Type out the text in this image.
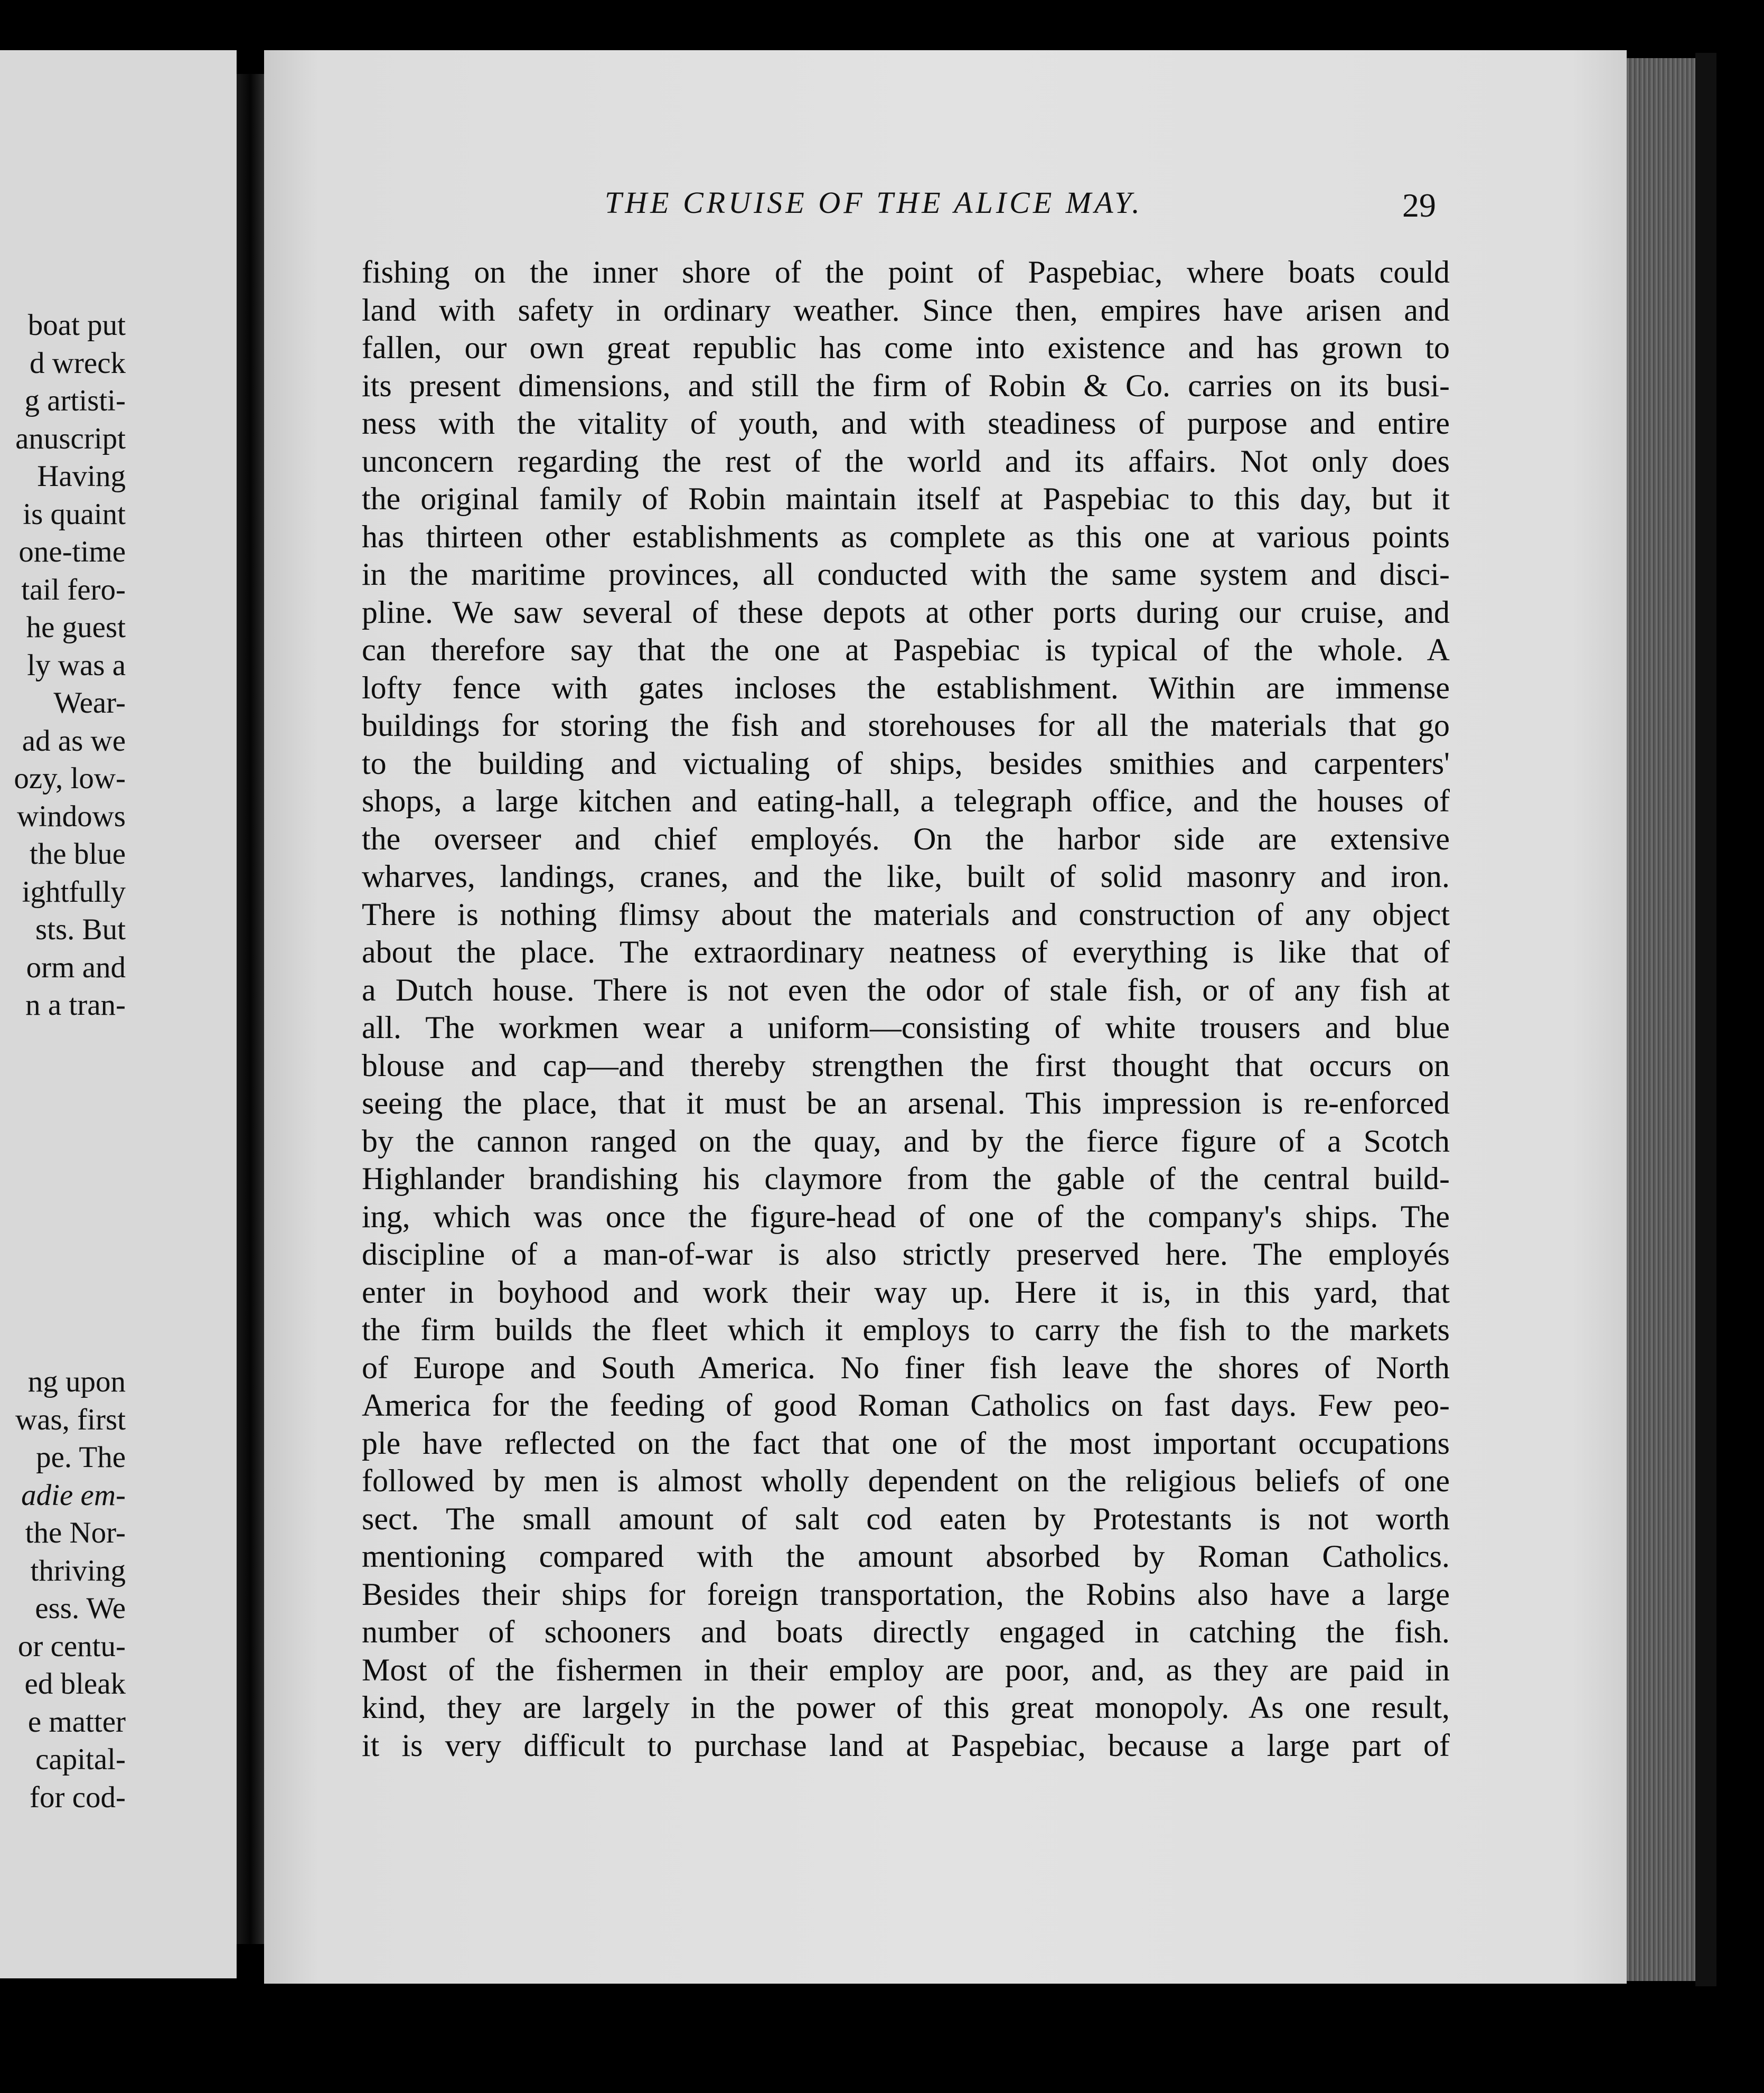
boat put
d wreck
g artisti-
anuscript
Having
is quaint
one-time
tail fero-
he guest
ly was a
Wear-
ad as we
ozy, low-
windows
the blue
ightfully
sts. But
orm and
n a tran-
ng upon
was, first
pe. The
adie em-
the Nor-
thriving
ess. We
or centu-
ed bleak
e matter
capital-
for cod-
THE CRUISE OF THE ALICE MAY.	29
fishing on the inner shore of the point of Paspebiac, where boats could
land with safety in ordinary weather. Since then, empires have arisen and
fallen, our own great republic has come into existence and has grown to
its present dimensions, and still the firm of Robin & Co. carries on its busi-
ness with the vitality of youth, and with steadiness of purpose and entire
unconcern regarding the rest of the world and its affairs. Not only does
the original family of Robin maintain itself at Paspebiac to this day, but it
has thirteen other establishments as complete as this one at various points
in the maritime provinces, all conducted with the same system and disci-
pline. We saw several of these depots at other ports during our cruise, and
can therefore say that the one at Paspebiac is typical of the whole. A
lofty fence with gates incloses the establishment. Within are immense
buildings for storing the fish and storehouses for all the materials that go
to the building and victualing of ships, besides smithies and carpenters'
shops, a large kitchen and eating-hall, a telegraph office, and the houses of
the overseer and chief employés. On the harbor side are extensive
wharves, landings, cranes, and the like, built of solid masonry and iron.
There is nothing flimsy about the materials and construction of any object
about the place. The extraordinary neatness of everything is like that of
a Dutch house. There is not even the odor of stale fish, or of any fish at
all. The workmen wear a uniform—consisting of white trousers and blue
blouse and cap—and thereby strengthen the first thought that occurs on
seeing the place, that it must be an arsenal. This impression is re-enforced
by the cannon ranged on the quay, and by the fierce figure of a Scotch
Highlander brandishing his claymore from the gable of the central build-
ing, which was once the figure-head of one of the company's ships. The
discipline of a man-of-war is also strictly preserved here. The employés
enter in boyhood and work their way up. Here it is, in this yard, that
the firm builds the fleet which it employs to carry the fish to the markets
of Europe and South America. No finer fish leave the shores of North
America for the feeding of good Roman Catholics on fast days. Few peo-
ple have reflected on the fact that one of the most important occupations
followed by men is almost wholly dependent on the religious beliefs of one
sect. The small amount of salt cod eaten by Protestants is not worth
mentioning compared with the amount absorbed by Roman Catholics.
Besides their ships for foreign transportation, the Robins also have a large
number of schooners and boats directly engaged in catching the fish.
Most of the fishermen in their employ are poor, and, as they are paid in
kind, they are largely in the power of this great monopoly. As one result,
it is very difficult to purchase land at Paspebiac, because a large part of
